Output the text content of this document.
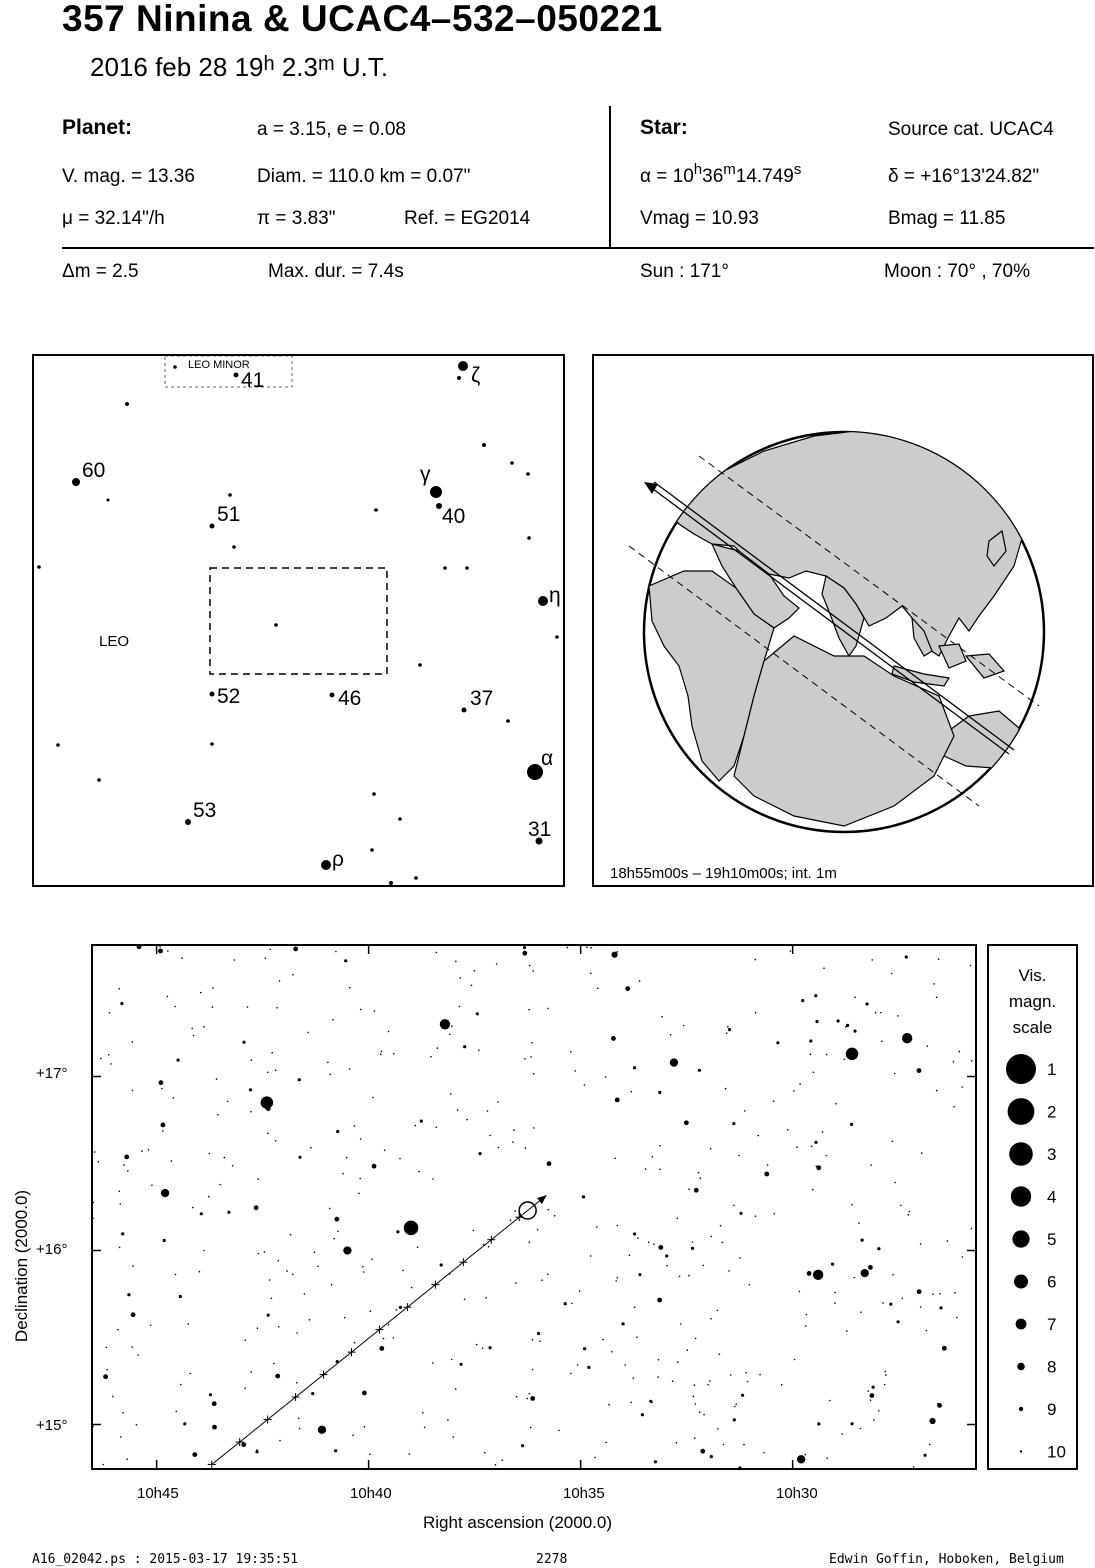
357 Ninina & UCAC4–532–050221
2016 feb 28 19$^h$ 2.3$^m$ U.T.
Planet:	a = 3.15, e = 0.08
V. mag. = 13.36	Diam. = 110.0 km = 0.07"
μ = 32.14"/h	π = 3.83"	Ref. = EG2014
Star:	Source cat. UCAC4
$\alpha = 10^h36^m14.749^s$	δ = +16°13'24.82"
Vmag = 10.93	Bmag = 11.85
Δm = 2.5	Max. dur. = 7.4s	Sun : 171°	Moon : 70° , 70%
LEO MINOR
LEO
41	ζ
60	γ
40
51
η
52	46	37
α
53
31
ρ
18h55m00s – 19h10m00s; int. 1m
Declination (2000.0)
Right ascension (2000.0)
+17°
+16°
+15°
10h45	10h40	10h35	10h30
Vis.
magn.
scale
1
2
3
4
5
6
7
8
9
10
A16_02042.ps : 2015-03-17 19:35:51	2278	Edwin Goffin, Hoboken, Belgium
